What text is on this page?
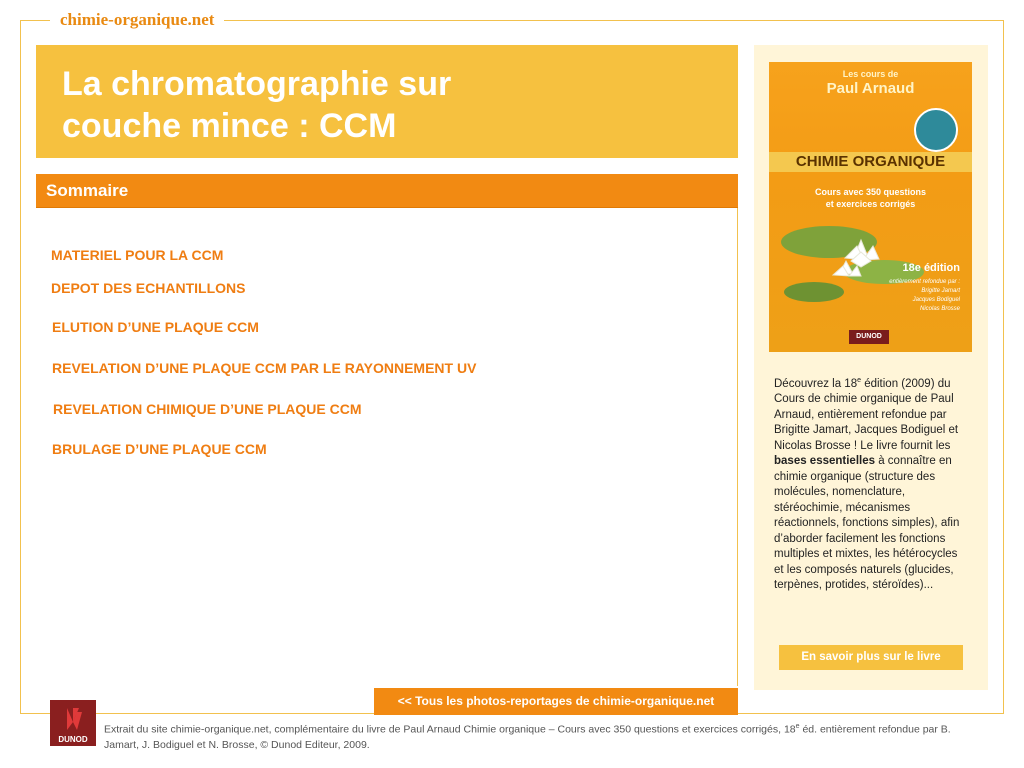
chimie-organique.net
La chromatographie sur
couche mince : CCM
Sommaire
MATERIEL POUR LA CCM
DEPOT DES ECHANTILLONS
ELUTION D’UNE PLAQUE CCM
REVELATION D’UNE PLAQUE CCM PAR LE RAYONNEMENT UV
REVELATION CHIMIQUE D’UNE PLAQUE CCM
BRULAGE D’UNE PLAQUE CCM
Les cours de
Paul Arnaud
CHIMIE ORGANIQUE
Cours avec 350 questions
et exercices corrigés
18e édition
entièrement refondue par :
Brigitte Jamart
Jacques Bodiguel
Nicolas Brosse
DUNOD
Découvrez la 18e édition (2009) du Cours de chimie organique de Paul Arnaud, entièrement refondue par Brigitte Jamart, Jacques Bodiguel et Nicolas Brosse ! Le livre fournit les bases essentielles à connaître en chimie organique (structure des molécules, nomenclature, stéréochimie, mécanismes réactionnels, fonctions simples), afin d’aborder facilement les fonctions multiples et mixtes, les hétérocycles et les composés naturels (glucides, terpènes, protides, stéroïdes)...
En savoir plus sur le livre
<< Tous les photos-reportages de chimie-organique.net
DUNOD
Extrait du site chimie-organique.net, complémentaire du livre de Paul Arnaud Chimie organique – Cours avec 350 questions et exercices corrigés, 18e éd. entièrement refondue par B. Jamart, J. Bodiguel et N. Brosse, © Dunod Editeur, 2009.
